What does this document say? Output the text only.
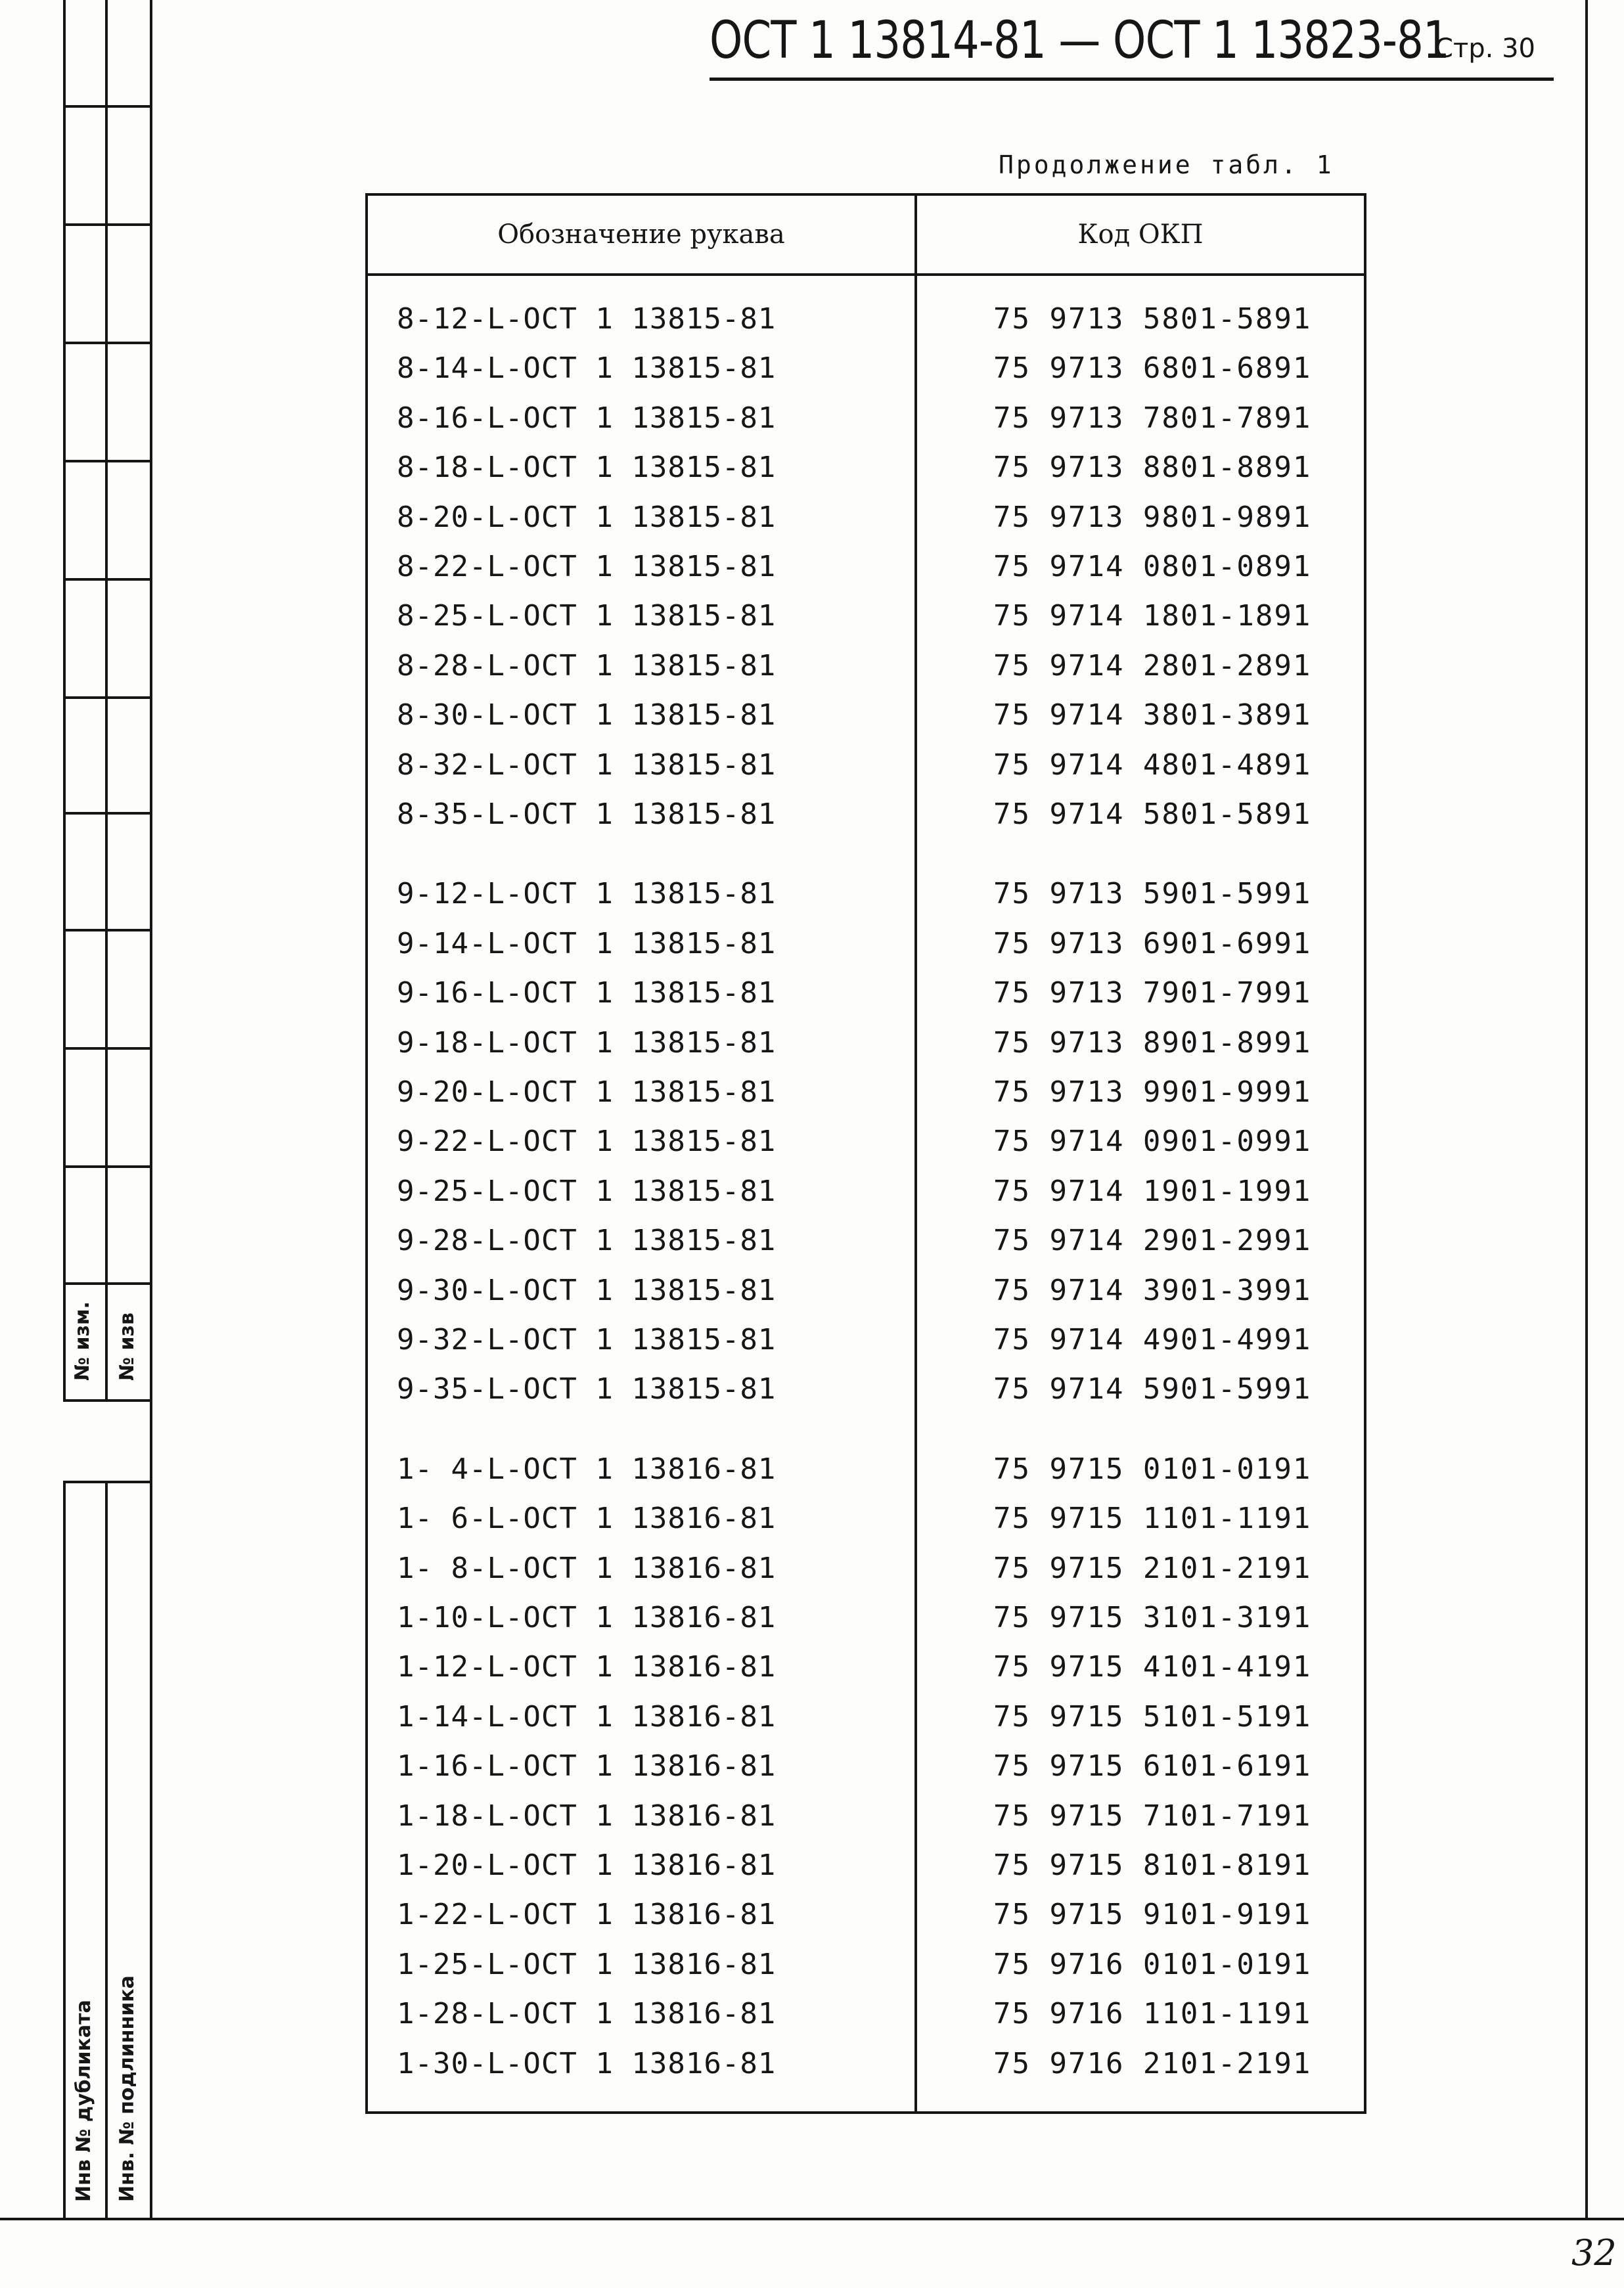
ОСТ 1 13814-81 — ОСТ 1 13823-81
Стр. 30
№ изм. № изв
Инв № дубликата Инв. № подлинника
Продолжение табл. 1
Обозначение рукава	Код ОКП
8-12-L-ОСТ 1 13815-81	75 9713 5801-5891
8-14-L-ОСТ 1 13815-81	75 9713 6801-6891
8-16-L-ОСТ 1 13815-81	75 9713 7801-7891
8-18-L-ОСТ 1 13815-81	75 9713 8801-8891
8-20-L-ОСТ 1 13815-81	75 9713 9801-9891
8-22-L-ОСТ 1 13815-81	75 9714 0801-0891
8-25-L-ОСТ 1 13815-81	75 9714 1801-1891
8-28-L-ОСТ 1 13815-81	75 9714 2801-2891
8-30-L-ОСТ 1 13815-81	75 9714 3801-3891
8-32-L-ОСТ 1 13815-81	75 9714 4801-4891
8-35-L-ОСТ 1 13815-81	75 9714 5801-5891
9-12-L-ОСТ 1 13815-81	75 9713 5901-5991
9-14-L-ОСТ 1 13815-81	75 9713 6901-6991
9-16-L-ОСТ 1 13815-81	75 9713 7901-7991
9-18-L-ОСТ 1 13815-81	75 9713 8901-8991
9-20-L-ОСТ 1 13815-81	75 9713 9901-9991
9-22-L-ОСТ 1 13815-81	75 9714 0901-0991
9-25-L-ОСТ 1 13815-81	75 9714 1901-1991
9-28-L-ОСТ 1 13815-81	75 9714 2901-2991
9-30-L-ОСТ 1 13815-81	75 9714 3901-3991
9-32-L-ОСТ 1 13815-81	75 9714 4901-4991
9-35-L-ОСТ 1 13815-81	75 9714 5901-5991
1- 4-L-ОСТ 1 13816-81	75 9715 0101-0191
1- 6-L-ОСТ 1 13816-81	75 9715 1101-1191
1- 8-L-ОСТ 1 13816-81	75 9715 2101-2191
1-10-L-ОСТ 1 13816-81	75 9715 3101-3191
1-12-L-ОСТ 1 13816-81	75 9715 4101-4191
1-14-L-ОСТ 1 13816-81	75 9715 5101-5191
1-16-L-ОСТ 1 13816-81	75 9715 6101-6191
1-18-L-ОСТ 1 13816-81	75 9715 7101-7191
1-20-L-ОСТ 1 13816-81	75 9715 8101-8191
1-22-L-ОСТ 1 13816-81	75 9715 9101-9191
1-25-L-ОСТ 1 13816-81	75 9716 0101-0191
1-28-L-ОСТ 1 13816-81	75 9716 1101-1191
1-30-L-ОСТ 1 13816-81	75 9716 2101-2191
32
